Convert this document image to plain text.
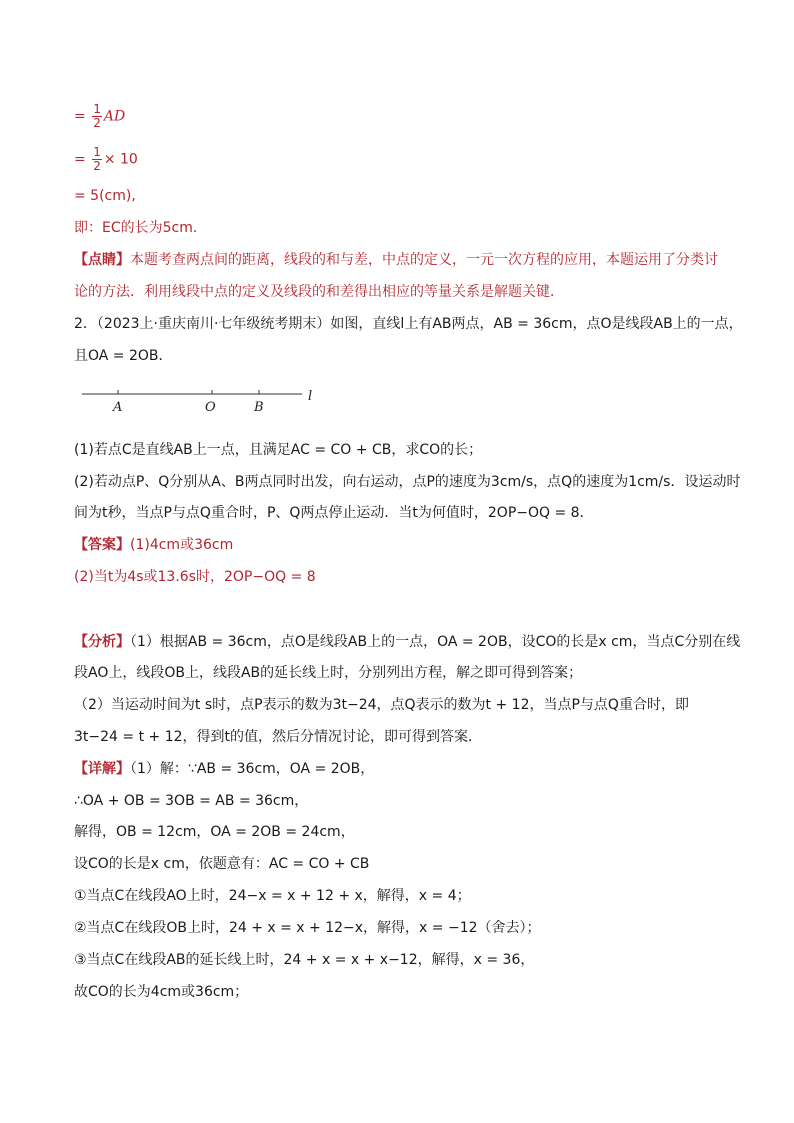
= $\frac{1}{2}$ AD
= $\frac{1}{2} \times 10$
= 5(cm),
即：EC的长为5cm．
【点睛】本题考查两点间的距离，线段的和与差，中点的定义，一元一次方程的应用，本题运用了分类讨
论的方法．利用线段中点的定义及线段的和差得出相应的等量关系是解题关键．
2．（2023上·重庆南川·七年级统考期末）如图，直线l上有AB两点，AB = 36cm，点O是线段AB上的一点，
且OA = 2OB．
A	O	B
l
(1)若点C是直线AB上一点，且满足AC = CO + CB，求CO的长；
(2)若动点P、Q分别从A、B两点同时出发，向右运动，点P的速度为3cm/s，点Q的速度为1cm/s．设运动时
间为t秒，当点P与点Q重合时，P、Q两点停止运动．当t为何值时，2OP−OQ = 8．
【答案】(1)4cm或36cm
(2)当t为4s或13.6s时，2OP−OQ = 8
【分析】（1）根据AB = 36cm，点O是线段AB上的一点，OA = 2OB，设CO的长是x cm，当点C分别在线
段AO上，线段OB上，线段AB的延长线上时，分别列出方程，解之即可得到答案；
（2）当运动时间为t s时，点P表示的数为3t−24，点Q表示的数为t + 12，当点P与点Q重合时，即
3t−24 = t + 12，得到t的值，然后分情况讨论，即可得到答案．
【详解】（1）解：∵AB = 36cm，OA = 2OB，
∴OA + OB = 3OB = AB = 36cm，
解得，OB = 12cm，OA = 2OB = 24cm，
设CO的长是x cm，依题意有：AC = CO + CB
①当点C在线段AO上时，24−x = x + 12 + x，解得，x = 4；
②当点C在线段OB上时，24 + x = x + 12−x，解得，x = −12（舍去）；
③当点C在线段AB的延长线上时，24 + x = x + x−12，解得，x = 36，
故CO的长为4cm或36cm；
